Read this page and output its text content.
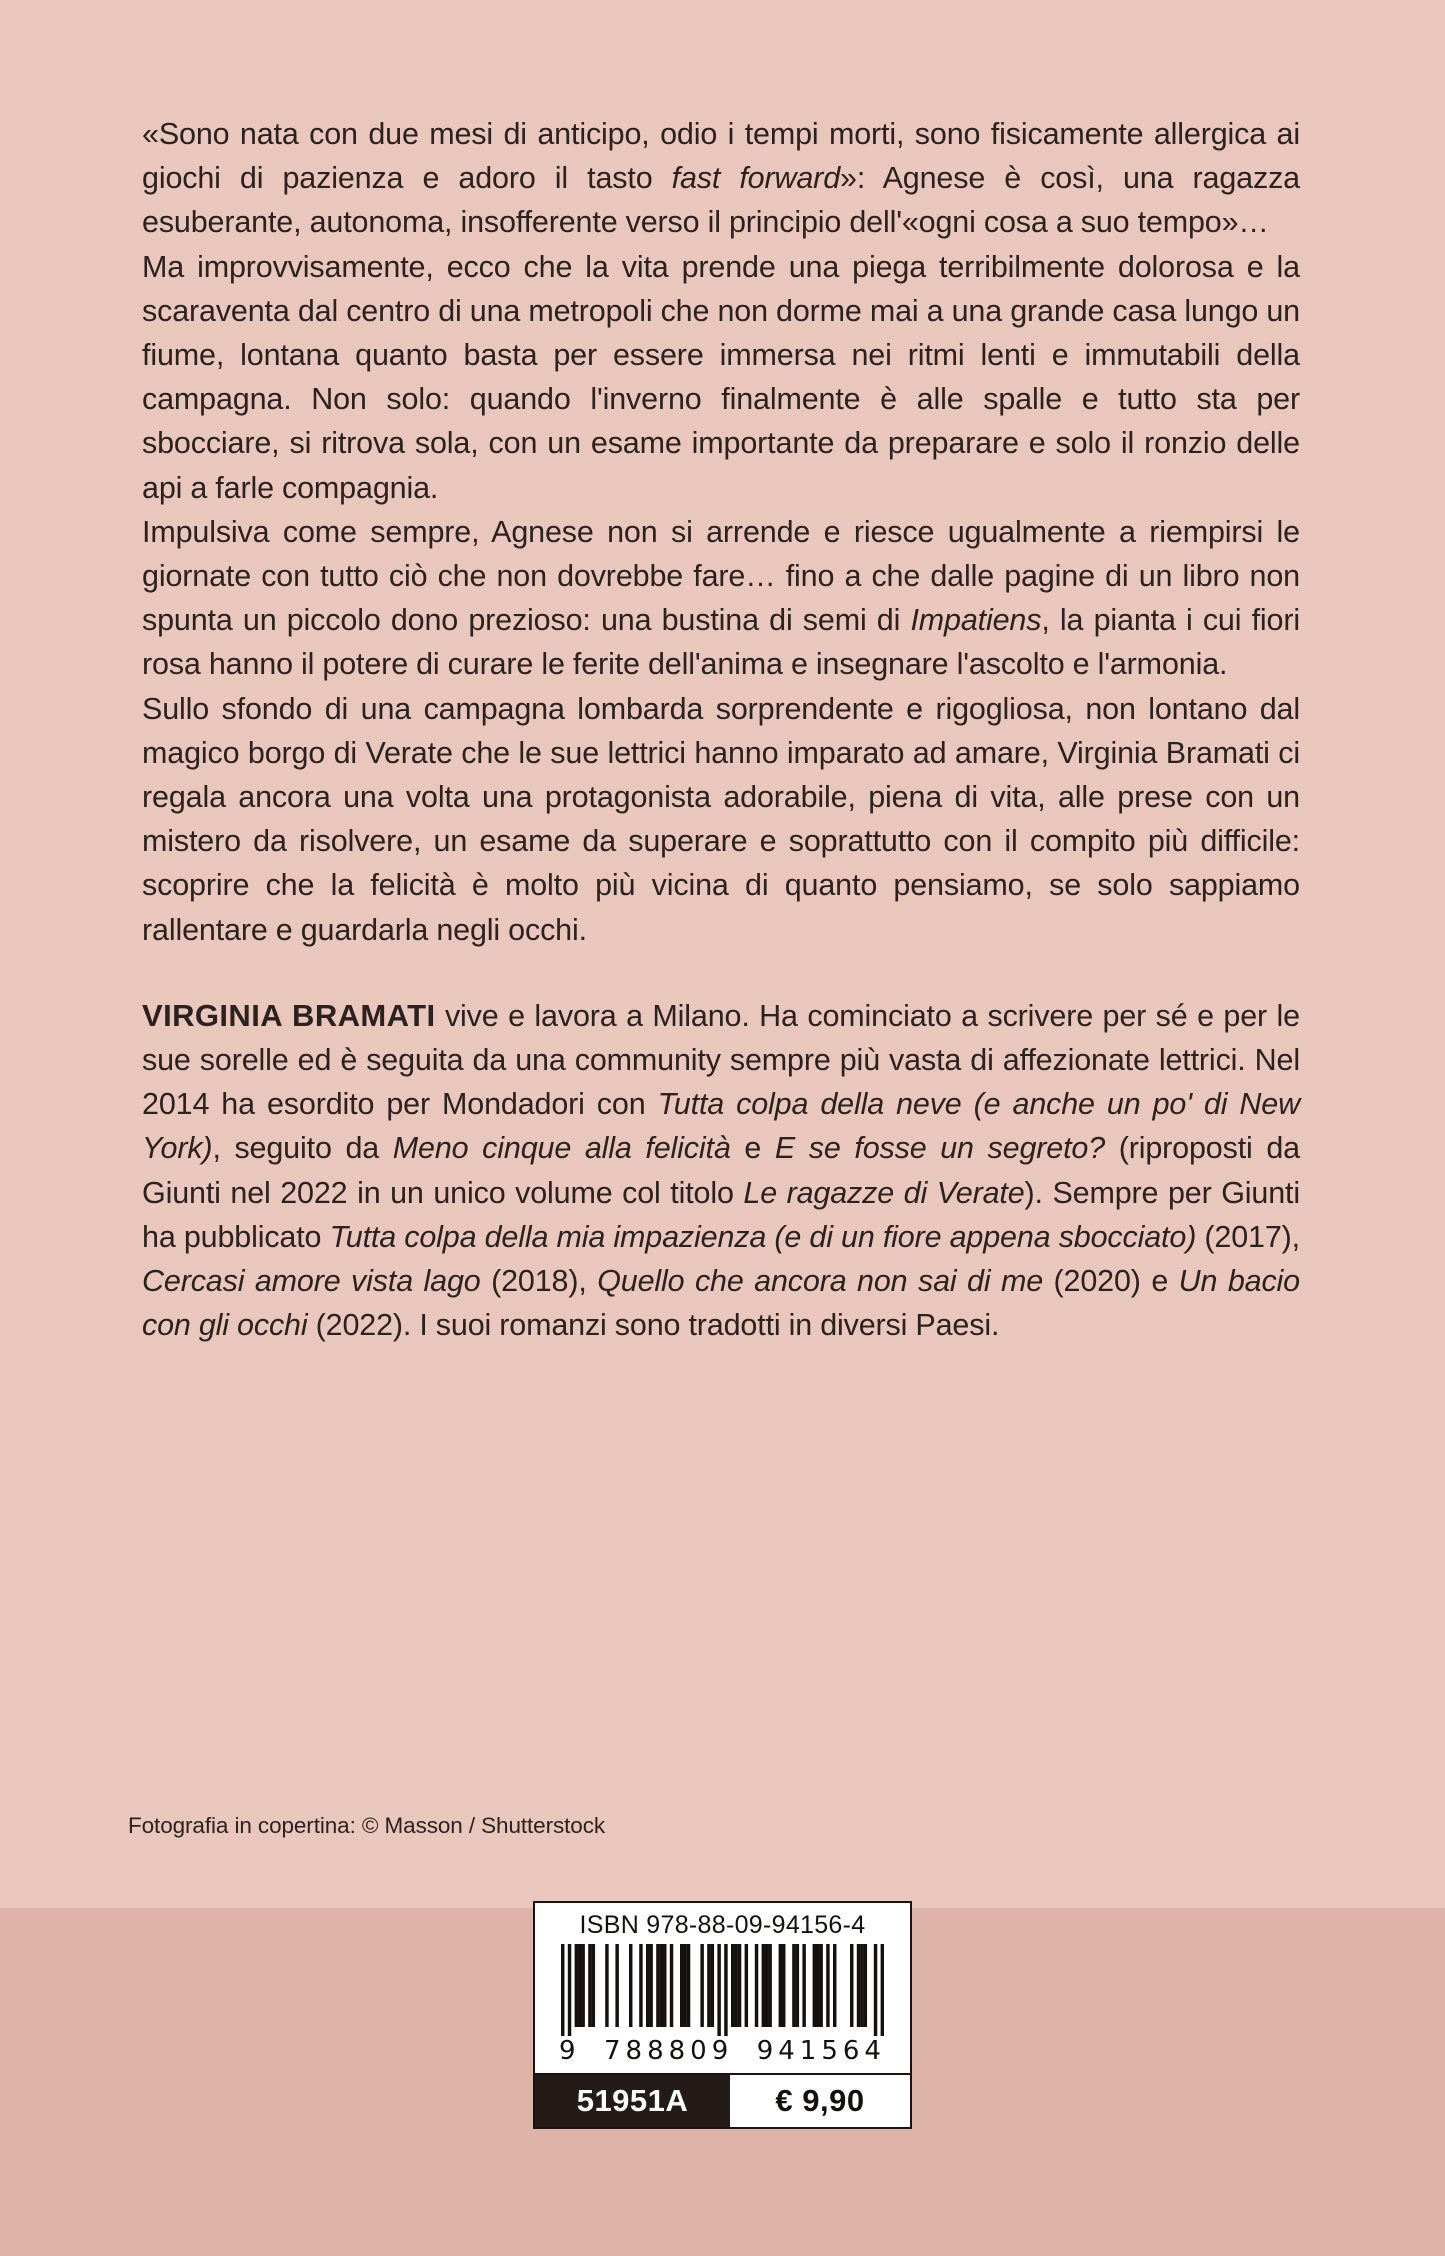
«Sono nata con due mesi di anticipo, odio i tempi morti, sono fisicamente allergica ai giochi di pazienza e adoro il tasto fast forward»: Agnese è così, una ragazza esuberante, autonoma, insofferente verso il principio dell'«ogni cosa a suo tempo»…

Ma improvvisamente, ecco che la vita prende una piega terribilmente dolorosa e la scaraventa dal centro di una metropoli che non dorme mai a una grande casa lungo un fiume, lontana quanto basta per essere immersa nei ritmi lenti e immutabili della campagna. Non solo: quando l'inverno finalmente è alle spalle e tutto sta per sbocciare, si ritrova sola, con un esame importante da preparare e solo il ronzio delle api a farle compagnia.

Impulsiva come sempre, Agnese non si arrende e riesce ugualmente a riempirsi le giornate con tutto ciò che non dovrebbe fare… fino a che dalle pagine di un libro non spunta un piccolo dono prezioso: una bustina di semi di Impatiens, la pianta i cui fiori rosa hanno il potere di curare le ferite dell'anima e insegnare l'ascolto e l'armonia.

Sullo sfondo di una campagna lombarda sorprendente e rigogliosa, non lontano dal magico borgo di Verate che le sue lettrici hanno imparato ad amare, Virginia Bramati ci regala ancora una volta una protagonista adorabile, piena di vita, alle prese con un mistero da risolvere, un esame da superare e soprattutto con il compito più difficile: scoprire che la felicità è molto più vicina di quanto pensiamo, se solo sappiamo rallentare e guardarla negli occhi.

VIRGINIA BRAMATI vive e lavora a Milano. Ha cominciato a scrivere per sé e per le sue sorelle ed è seguita da una community sempre più vasta di affezionate lettrici. Nel 2014 ha esordito per Mondadori con Tutta colpa della neve (e anche un po' di New York), seguito da Meno cinque alla felicità e E se fosse un segreto? (riproposti da Giunti nel 2022 in un unico volume col titolo Le ragazze di Verate). Sempre per Giunti ha pubblicato Tutta colpa della mia impazienza (e di un fiore appena sbocciato) (2017), Cercasi amore vista lago (2018), Quello che ancora non sai di me (2020) e Un bacio con gli occhi (2022). I suoi romanzi sono tradotti in diversi Paesi.
Fotografia in copertina: © Masson / Shutterstock
ISBN 978-88-09-94156-4
9 788809 941564
51951A	€ 9,90
